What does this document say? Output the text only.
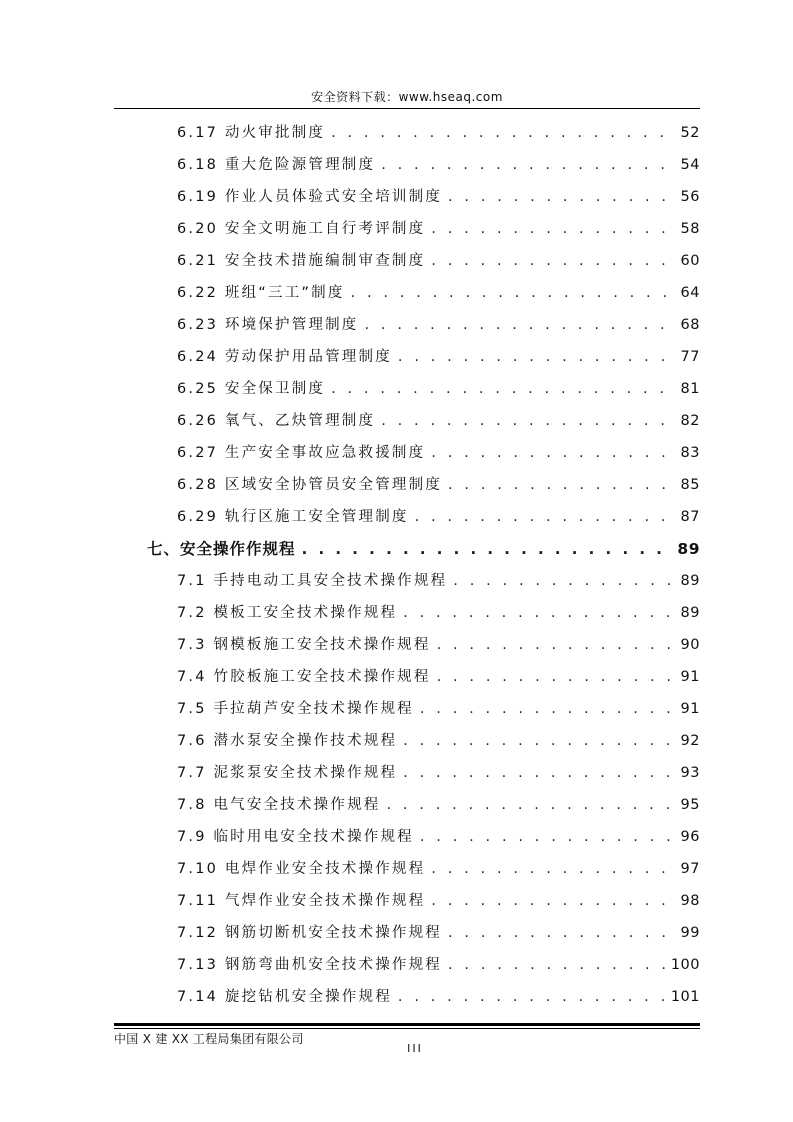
安全资料下载：www.hseaq.com
6.17 动火审批制度 . . .	52
6.18 重大危险源管理制度 . . .	54
6.19 作业人员体验式安全培训制度 . . .	56
6.20 安全文明施工自行考评制度 . . .	58
6.21 安全技术措施编制审查制度 . . .	60
6.22 班组“三工”制度 . . .	64
6.23 环境保护管理制度 . . .	68
6.24 劳动保护用品管理制度 . . .	77
6.25 安全保卫制度 . . .	81
6.26 氧气、乙炔管理制度 . . .	82
6.27 生产安全事故应急救援制度 . . .	83
6.28 区域安全协管员安全管理制度 . . .	85
6.29 轨行区施工安全管理制度 . . .	87
七、安全操作作规程 . . .	89
7.1 手持电动工具安全技术操作规程 . . .	89
7.2 模板工安全技术操作规程 . . .	89
7.3 钢模板施工安全技术操作规程 . . .	90
7.4 竹胶板施工安全技术操作规程 . . .	91
7.5 手拉葫芦安全技术操作规程 . . .	91
7.6 潜水泵安全操作技术规程 . . .	92
7.7 泥浆泵安全技术操作规程 . . .	93
7.8 电气安全技术操作规程 . . .	95
7.9 临时用电安全技术操作规程 . . .	96
7.10 电焊作业安全技术操作规程 . . .	97
7.11 气焊作业安全技术操作规程 . . .	98
7.12 钢筋切断机安全技术操作规程 . . .	99
7.13 钢筋弯曲机安全技术操作规程 . . .	100
7.14 旋挖钻机安全操作规程 . . .	101
中国 X 建 XX 工程局集团有限公司
III
